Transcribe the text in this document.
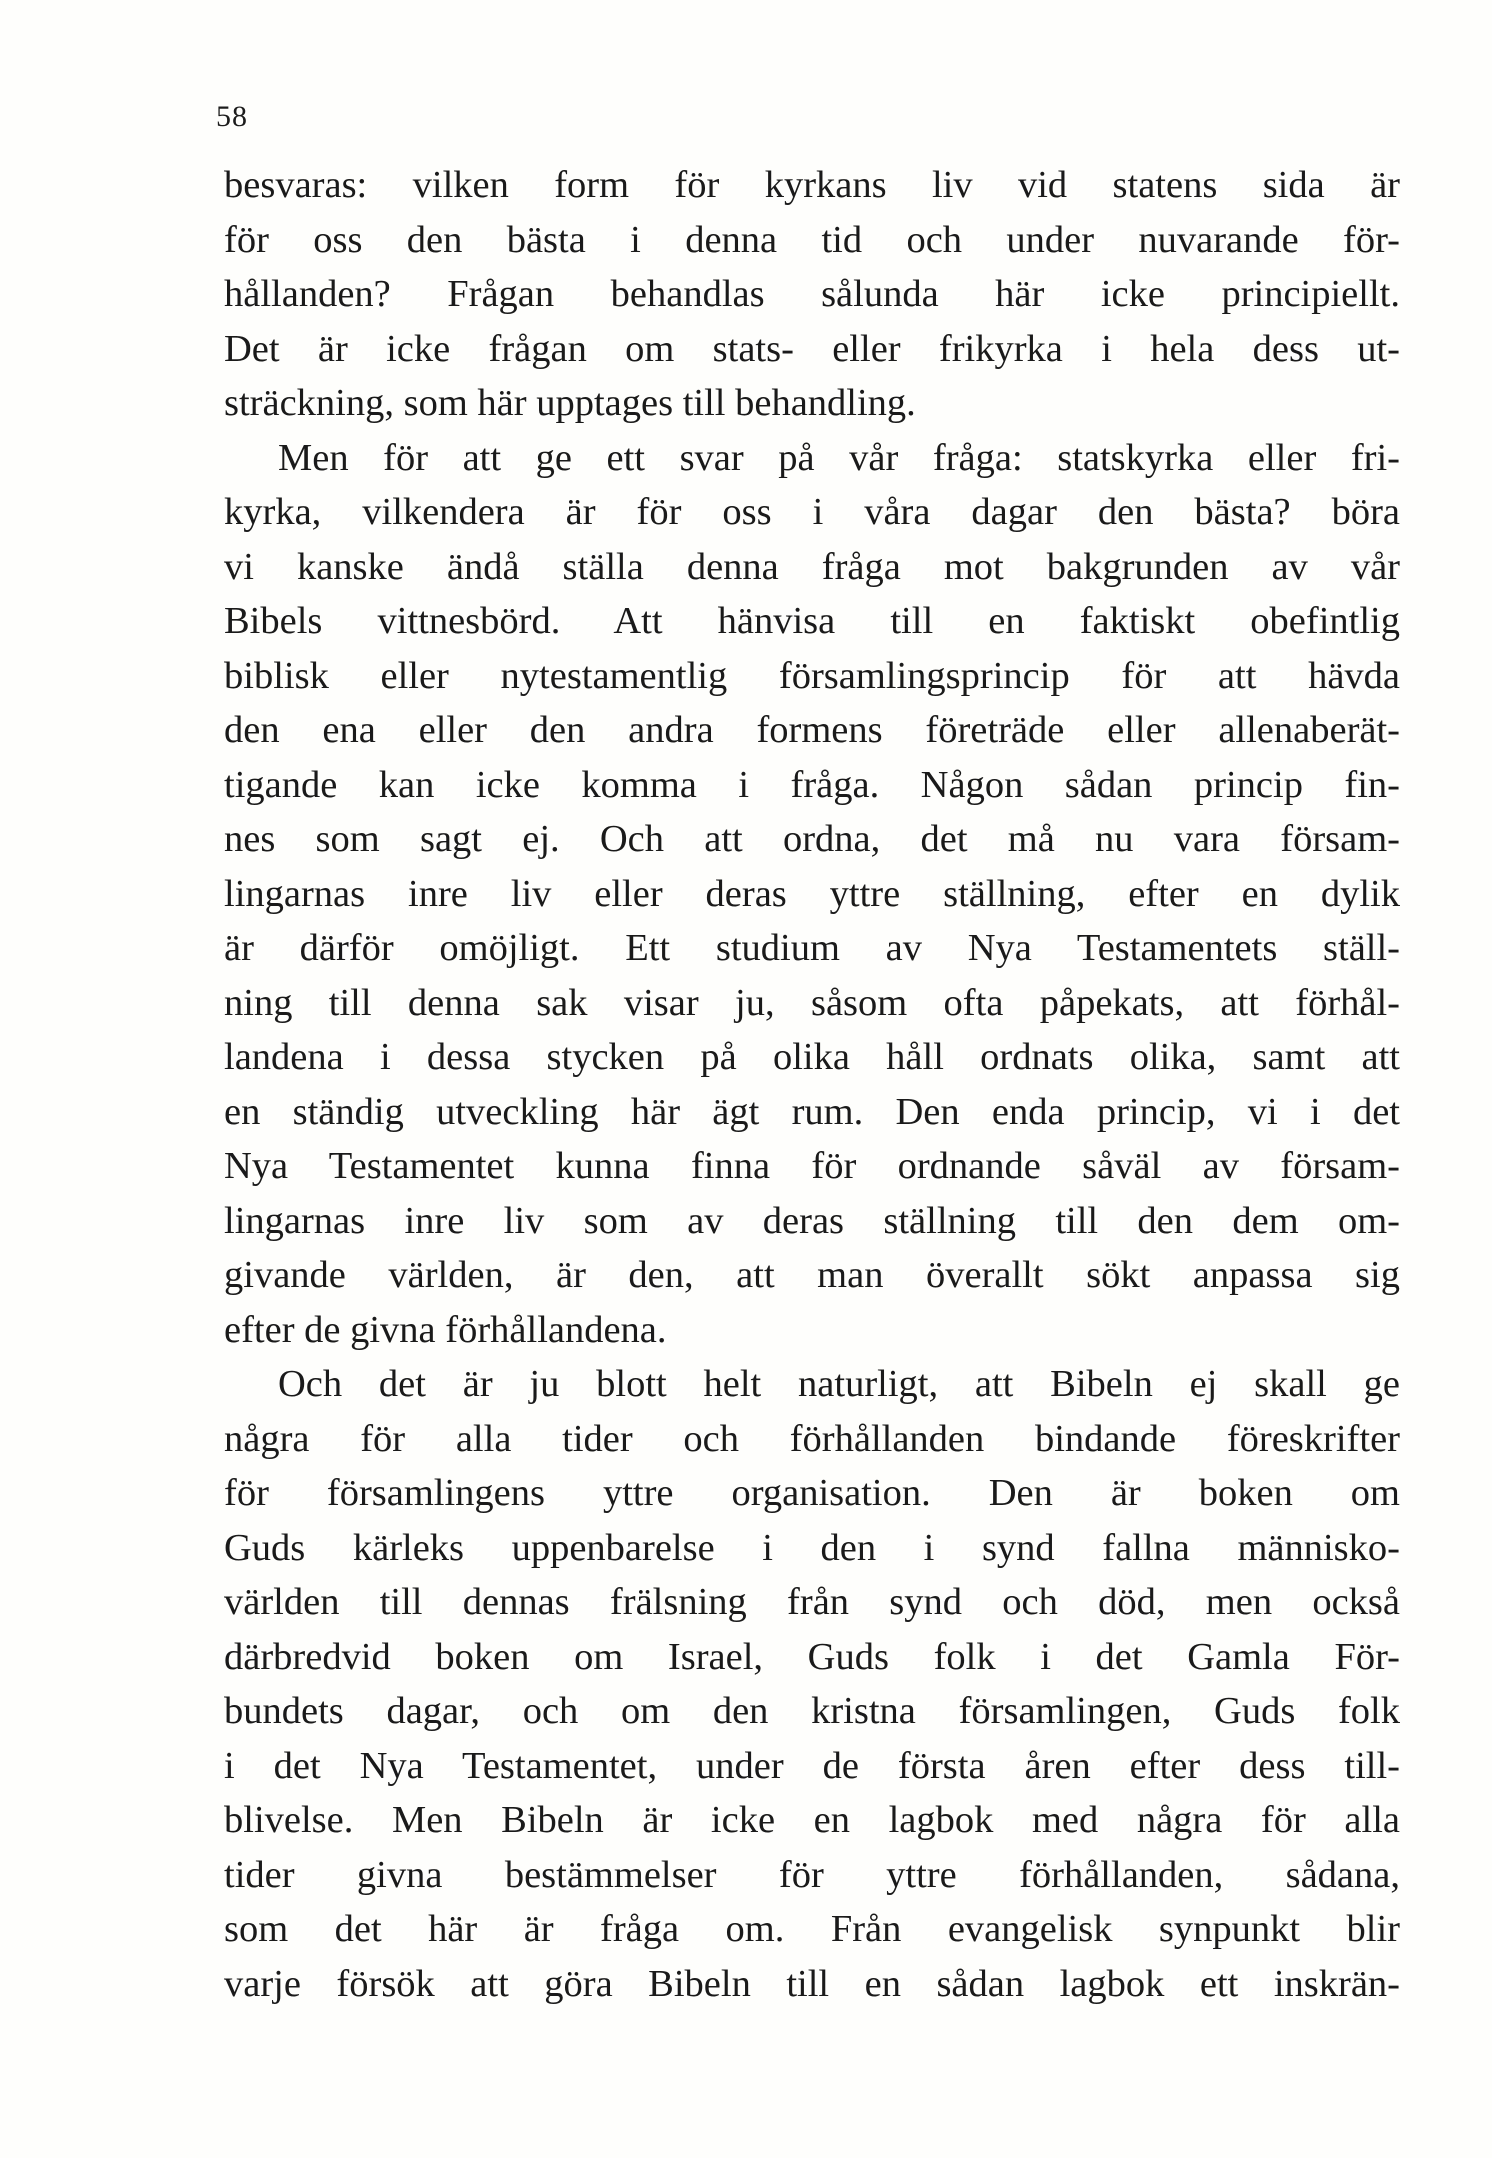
58
besvaras: vilken form för kyrkans liv vid statens sida är
för oss den bästa i denna tid och under nuvarande för-
hållanden? Frågan behandlas sålunda här icke principiellt.
Det är icke frågan om stats- eller frikyrka i hela dess ut-
sträckning, som här upptages till behandling.
Men för att ge ett svar på vår fråga: statskyrka eller fri-
kyrka, vilkendera är för oss i våra dagar den bästa? böra
vi kanske ändå ställa denna fråga mot bakgrunden av vår
Bibels vittnesbörd. Att hänvisa till en faktiskt obefintlig
biblisk eller nytestamentlig församlingsprincip för att hävda
den ena eller den andra formens företräde eller allenaberät-
tigande kan icke komma i fråga. Någon sådan princip fin-
nes som sagt ej. Och att ordna, det må nu vara försam-
lingarnas inre liv eller deras yttre ställning, efter en dylik
är därför omöjligt. Ett studium av Nya Testamentets ställ-
ning till denna sak visar ju, såsom ofta påpekats, att förhål-
landena i dessa stycken på olika håll ordnats olika, samt att
en ständig utveckling här ägt rum. Den enda princip, vi i det
Nya Testamentet kunna finna för ordnande såväl av försam-
lingarnas inre liv som av deras ställning till den dem om-
givande världen, är den, att man överallt sökt anpassa sig
efter de givna förhållandena.
Och det är ju blott helt naturligt, att Bibeln ej skall ge
några för alla tider och förhållanden bindande föreskrifter
för församlingens yttre organisation. Den är boken om
Guds kärleks uppenbarelse i den i synd fallna människo-
världen till dennas frälsning från synd och död, men också
därbredvid boken om Israel, Guds folk i det Gamla För-
bundets dagar, och om den kristna församlingen, Guds folk
i det Nya Testamentet, under de första åren efter dess till-
blivelse. Men Bibeln är icke en lagbok med några för alla
tider givna bestämmelser för yttre förhållanden, sådana,
som det här är fråga om. Från evangelisk synpunkt blir
varje försök att göra Bibeln till en sådan lagbok ett inskrän-
